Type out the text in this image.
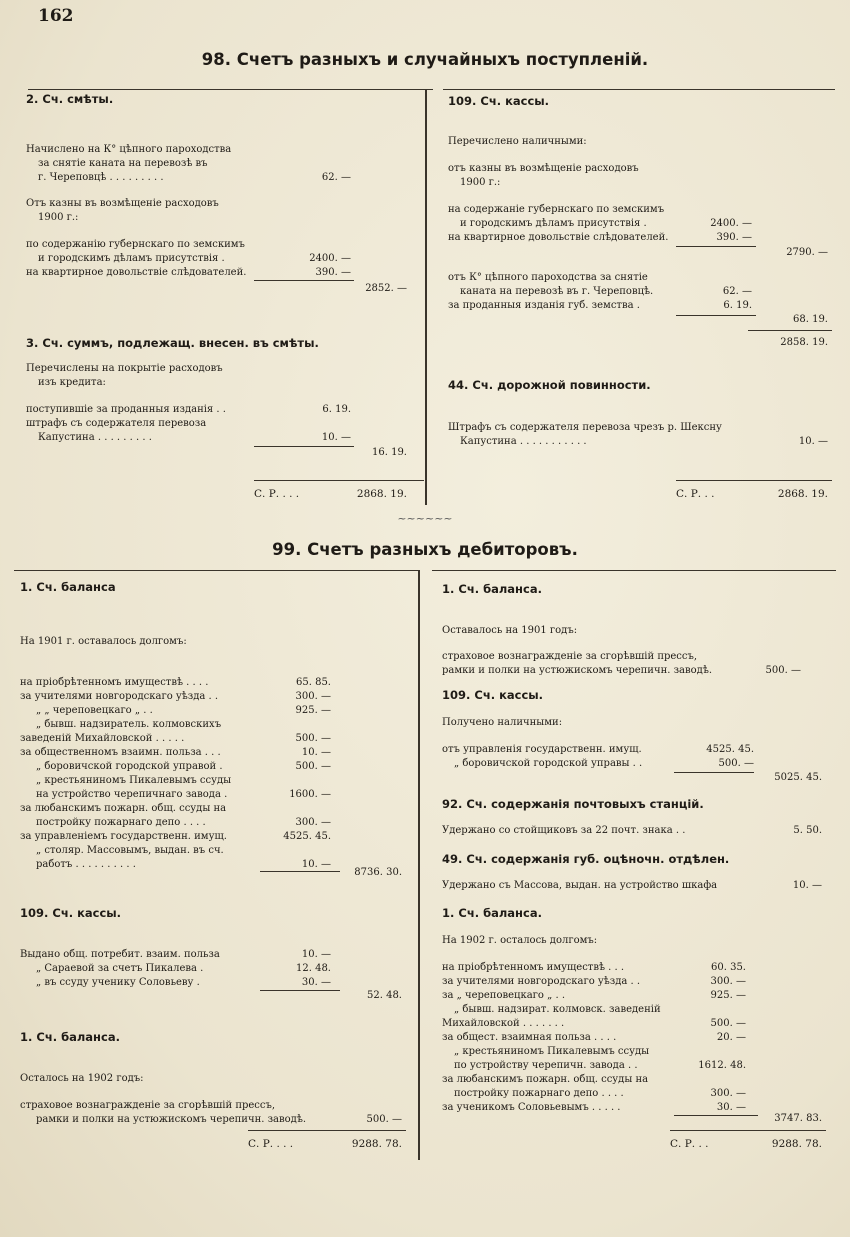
162
98. Счетъ разныхъ и случайныхъ поступленій.
2. Сч. смѣты.
Начислено на К° цѣпного пароходства
за снятіе каната на перевозѣ въ
г. Череповцѣ . . . . . . . . .	62. —
Отъ казны въ возмѣщеніе расходовъ
1900 г.:
по содержанію губернскаго по земскимъ
и городскимъ дѣламъ присутствія .	2400. —
на квартирное довольствіе слѣдователей.	390. —
2852. —
3. Сч. суммъ, подлежащ. внесен. въ смѣты.
Перечислены на покрытіе расходовъ
изъ кредита:
поступившіе за проданныя изданія . .	6. 19.
штрафъ съ содержателя перевоза
Капустина . . . . . . . . .	10. —
16. 19.
С. Р. . . .	2868. 19.
109. Сч. кассы.
Перечислено наличными:
отъ казны въ возмѣщеніе расходовъ
1900 г.:
на содержаніе губернскаго по земскимъ
и городскимъ дѣламъ присутствія .	2400. —
на квартирное довольствіе слѣдователей.	390. —
2790. —
отъ К° цѣпного пароходства за снятіе
каната на перевозѣ въ г. Череповцѣ.	62. —
за проданныя изданія губ. земства .	6. 19.
68. 19.
2858. 19.
44. Сч. дорожной повинности.
Штрафъ съ содержателя перевоза чрезъ р. Шексну
Капустина . . . . . . . . . . .	10. —
С. Р. . .	2868. 19.
~~~~~~
99. Счетъ разныхъ дебиторовъ.
1. Сч. баланса
На 1901 г. оставалось долгомъ:
на пріобрѣтенномъ имуществѣ . . . .	65. 85.
за учителями новгородскаго уѣзда . .	300. —
„ „ череповецкаго „ . .	925. —
„ бывш. надзиратель. колмовскихъ
заведеній Михайловской . . . . .	500. —
за общественномъ взаимн. польза . . .	10. —
„ боровичской городской управой .	500. —
„ крестьяниномъ Пикалевымъ ссуды
на устройство черепичнаго завода .	1600. —
за любанскимъ пожарн. общ. ссуды на
постройку пожарнаго депо . . . .	300. —
за управленіемъ государственн. имущ.	4525. 45.
„ столяр. Массовымъ, выдан. въ сч.
работъ . . . . . . . . . .	10. —
8736. 30.
109. Сч. кассы.
Выдано общ. потребит. взаим. польза	10. —
„ Сараевой за счетъ Пикалева .	12. 48.
„ въ ссуду ученику Соловьеву .	30. —
52. 48.
1. Сч. баланса.
Осталось на 1902 годъ:
страховое вознагражденіе за сгорѣвшій прессъ,
рамки и полки на устюжискомъ черепичн. заводѣ.	500. —
С. Р. . . .	9288. 78.
1. Сч. баланса.
Оставалось на 1901 годъ:
страховое вознагражденіе за сгорѣвшій прессъ,
рамки и полки на устюжискомъ черепичн. заводѣ.	500. —
109. Сч. кассы.
Получено наличными:
отъ управленія государственн. имущ.	4525. 45.
„ боровичской городской управы . .	500. —
5025. 45.
92. Сч. содержанія почтовыхъ станцій.
Удержано со стойщиковъ за 22 почт. знака . .	5. 50.
49. Сч. содержанія губ. оцѣночн. отдѣлен.
Удержано съ Массова, выдан. на устройство шкафа	10. —
1. Сч. баланса.
На 1902 г. осталось долгомъ:
на пріобрѣтенномъ имуществѣ . . .	60. 35.
за учителями новгородскаго уѣзда . .	300. —
за „ череповецкаго „ . .	925. —
„ бывш. надзират. колмовск. заведеній
Михайловской . . . . . . .	500. —
за общест. взаимная польза . . . .	20. —
„ крестьяниномъ Пикалевымъ ссуды
по устройству черепичн. завода . .	1612. 48.
за любанскимъ пожарн. общ. ссуды на
постройку пожарнаго депо . . . .	300. —
за ученикомъ Соловьевымъ . . . . .	30. —
3747. 83.
С. Р. . .	9288. 78.
